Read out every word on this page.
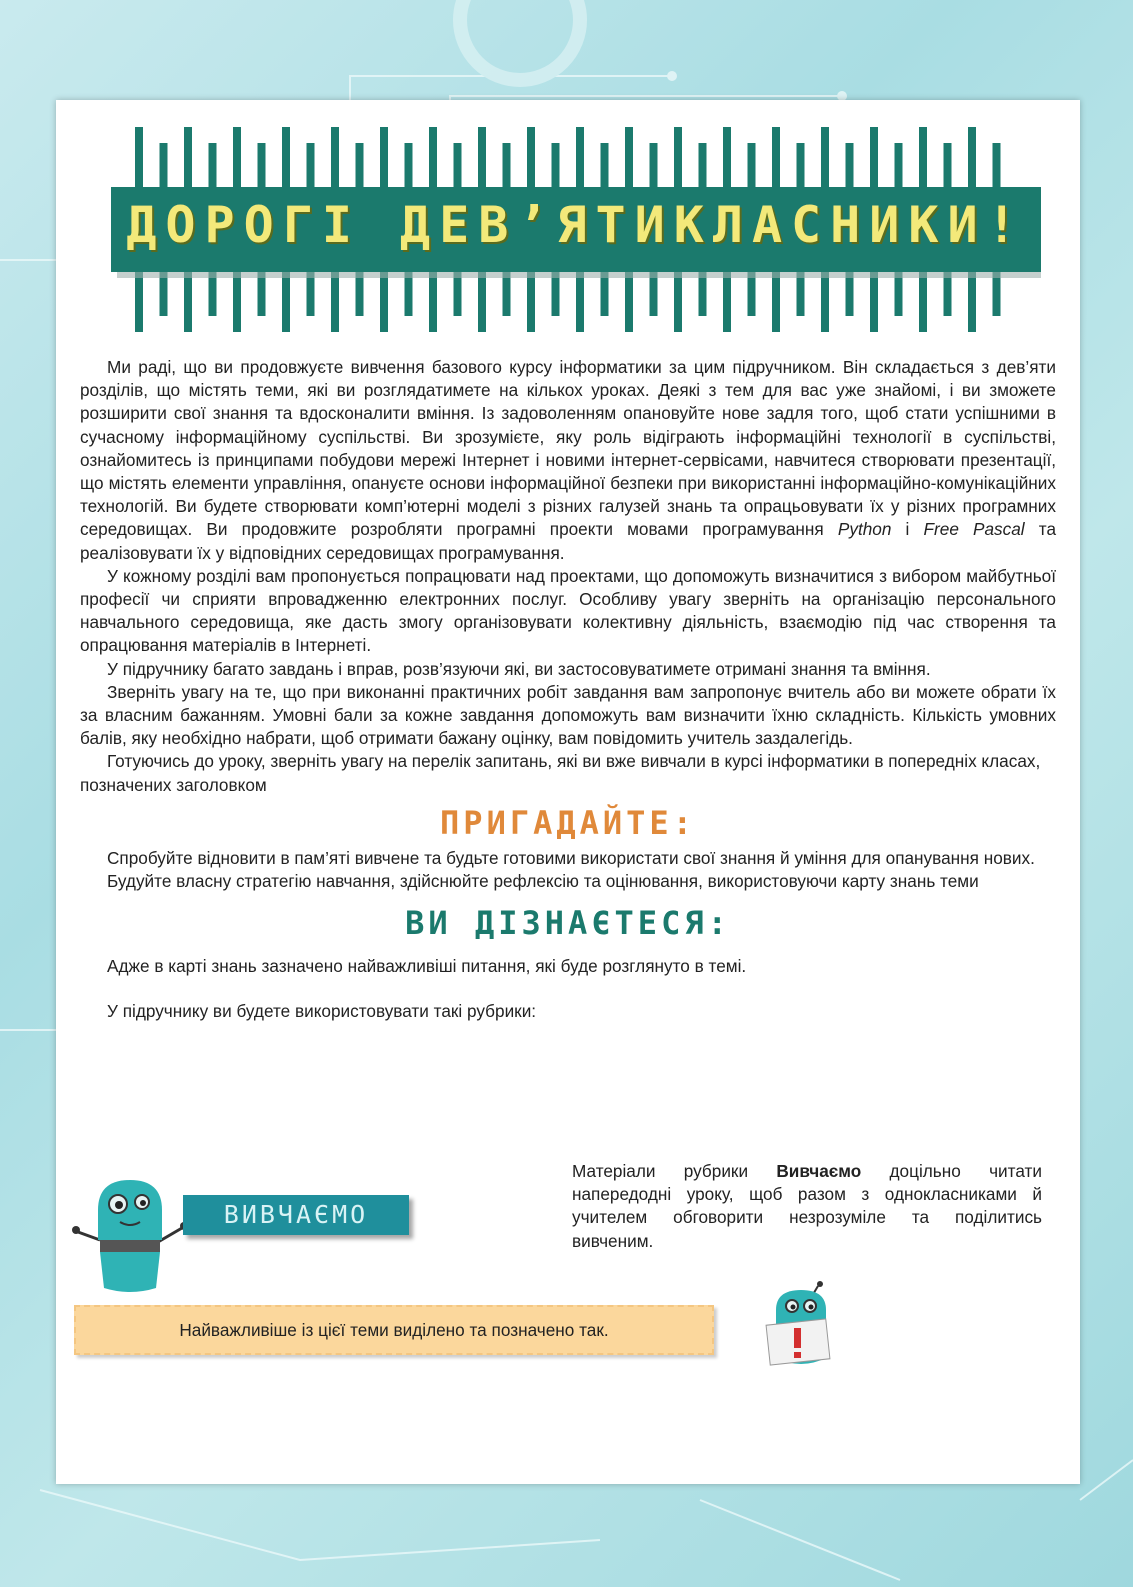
ДОРОГІ ДЕВ’ЯТИКЛАСНИКИ!

Ми раді, що ви продовжуєте вивчення базового курсу інформатики за цим підручником. Він складається з дев’яти розділів, що містять теми, які ви розглядатимете на кількох уроках. Деякі з тем для вас уже знайомі, і ви зможете розширити свої знання та вдосконалити вміння. Із задоволенням опановуйте нове задля того, щоб стати успішними в сучасному інформаційному суспільстві. Ви зрозумієте, яку роль відіграють інформаційні технології в суспільстві, ознайомитесь із принципами побудови мережі Інтернет і новими інтернет-сервісами, навчитеся створювати презентації, що містять елементи управління, опануєте основи інформаційної безпеки при використанні інформаційно-комунікаційних технологій. Ви будете створювати комп’ютерні моделі з різних галузей знань та опрацьовувати їх у різних програмних середовищах. Ви продовжите розробляти програмні проекти мовами програмування Python і Free Pascal та реалізовувати їх у відповідних середовищах програмування.

У кожному розділі вам пропонується попрацювати над проектами, що допоможуть визначитися з вибором майбутньої професії чи сприяти впровадженню електронних послуг. Особливу увагу зверніть на організацію персонального навчального середовища, яке дасть змогу організовувати колективну діяльність, взаємодію під час створення та опрацювання матеріалів в Інтернеті.

У підручнику багато завдань і вправ, розв’язуючи які, ви застосовуватимете отримані знання та вміння.

Зверніть увагу на те, що при виконанні практичних робіт завдання вам запропонує вчитель або ви можете обрати їх за власним бажанням. Умовні бали за кожне завдання допоможуть вам визначити їхню складність. Кількість умовних балів, яку необхідно набрати, щоб отримати бажану оцінку, вам повідомить учитель заздалегідь.

Готуючись до уроку, зверніть увагу на перелік запитань, які ви вже вивчали в курсі інформатики в попередніх класах, позначених заголовком

ПРИГАДАЙТЕ:

Спробуйте відновити в пам’яті вивчене та будьте готовими використати свої знання й уміння для опанування нових.

Будуйте власну стратегію навчання, здійснюйте рефлексію та оцінювання, використовуючи карту знань теми

ВИ ДІЗНАЄТЕСЯ:

Адже в карті знань зазначено найважливіші питання, які буде розглянуто в темі.

У підручнику ви будете використовувати такі рубрики:

ВИВЧАЄМО
Матеріали рубрики Вивчаємо доцільно читати напередодні уроку, щоб разом з однокласниками й учителем обговорити незрозуміле та поділитись вивченим.
Найважливіше із цієї теми виділено та позначено так.
